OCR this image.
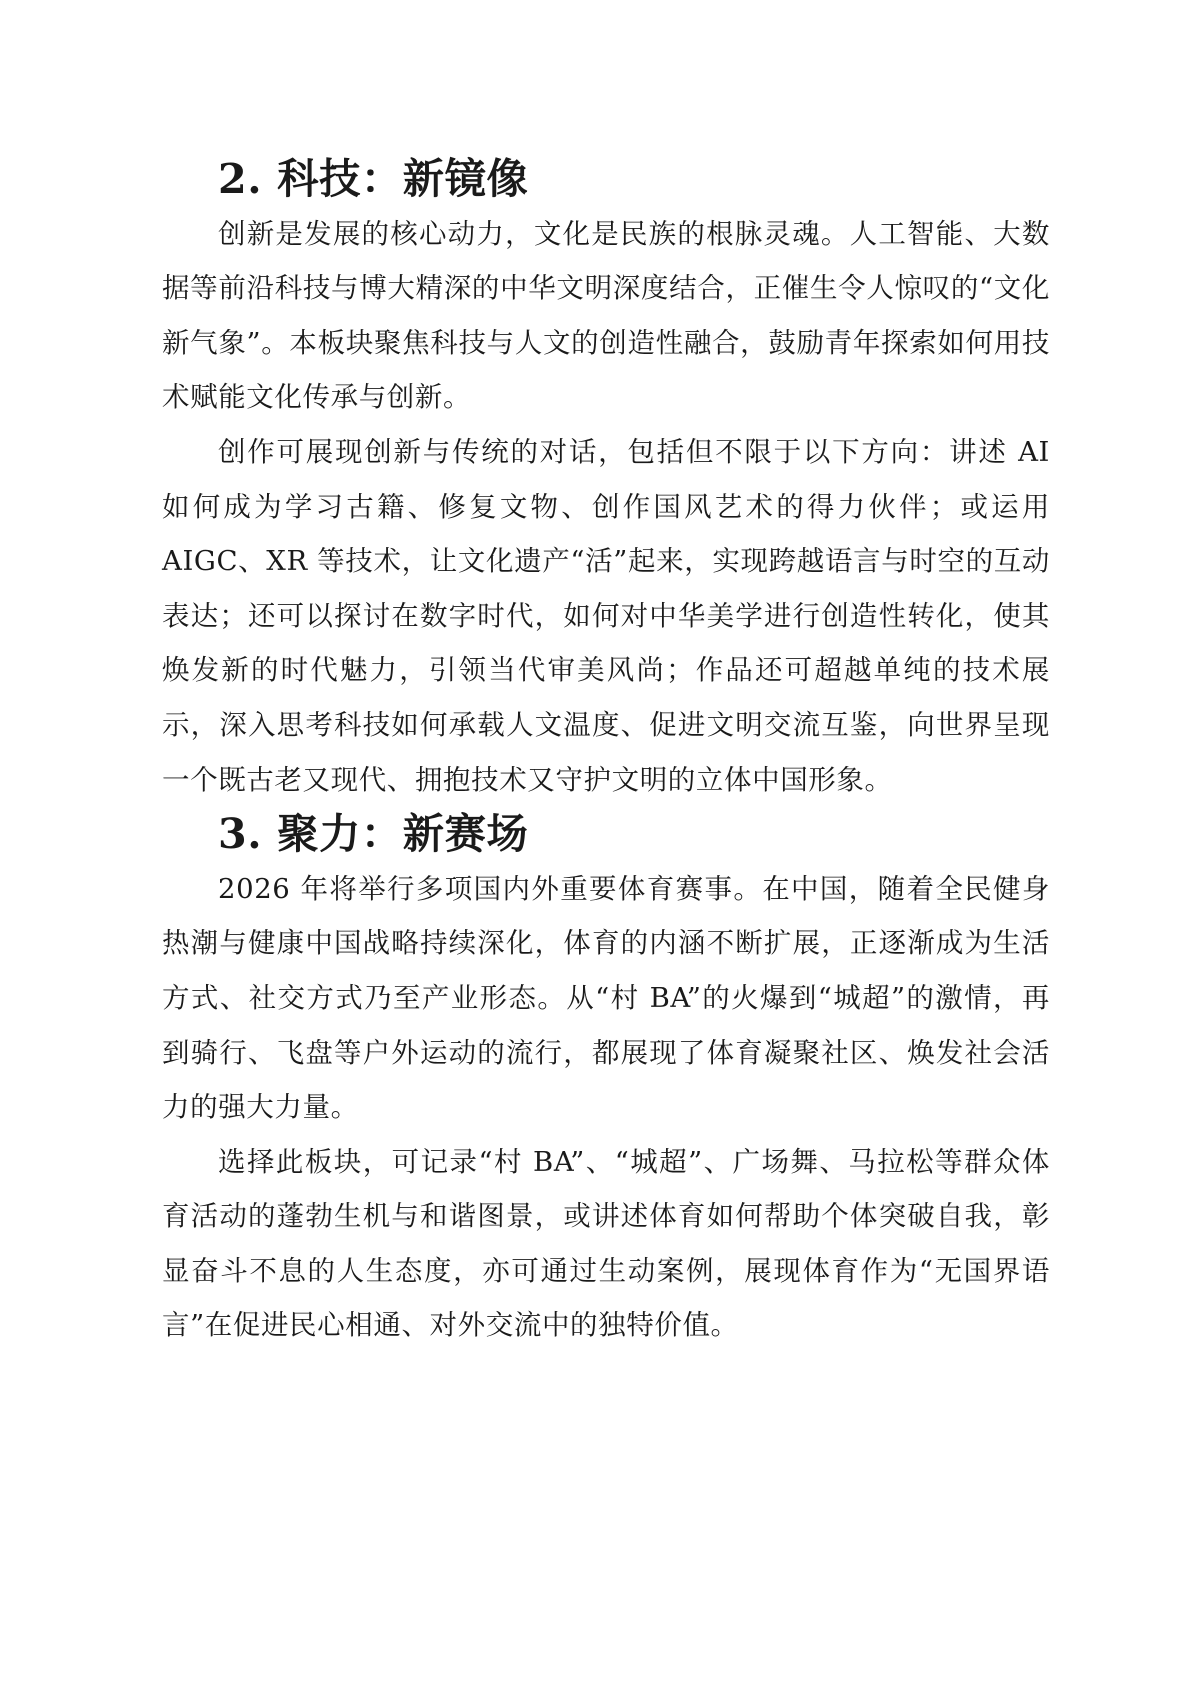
2. 科技：新镜像

创新是发展的核心动力，文化是民族的根脉灵魂。人工智能、大数据等前沿科技与博大精深的中华文明深度结合，正催生令人惊叹的“文化新气象”。本板块聚焦科技与人文的创造性融合，鼓励青年探索如何用技术赋能文化传承与创新。

创作可展现创新与传统的对话，包括但不限于以下方向：讲述 AI 如何成为学习古籍、修复文物、创作国风艺术的得力伙伴；或运用 AIGC、XR 等技术，让文化遗产“活”起来，实现跨越语言与时空的互动表达；还可以探讨在数字时代，如何对中华美学进行创造性转化，使其焕发新的时代魅力，引领当代审美风尚；作品还可超越单纯的技术展示，深入思考科技如何承载人文温度、促进文明交流互鉴，向世界呈现一个既古老又现代、拥抱技术又守护文明的立体中国形象。

3. 聚力：新赛场

2026 年将举行多项国内外重要体育赛事。在中国，随着全民健身热潮与健康中国战略持续深化，体育的内涵不断扩展，正逐渐成为生活方式、社交方式乃至产业形态。从“村 BA”的火爆到“城超”的激情，再到骑行、飞盘等户外运动的流行，都展现了体育凝聚社区、焕发社会活力的强大力量。

选择此板块，可记录“村 BA”、“城超”、广场舞、马拉松等群众体育活动的蓬勃生机与和谐图景，或讲述体育如何帮助个体突破自我，彰显奋斗不息的人生态度，亦可通过生动案例，展现体育作为“无国界语言”在促进民心相通、对外交流中的独特价值。
